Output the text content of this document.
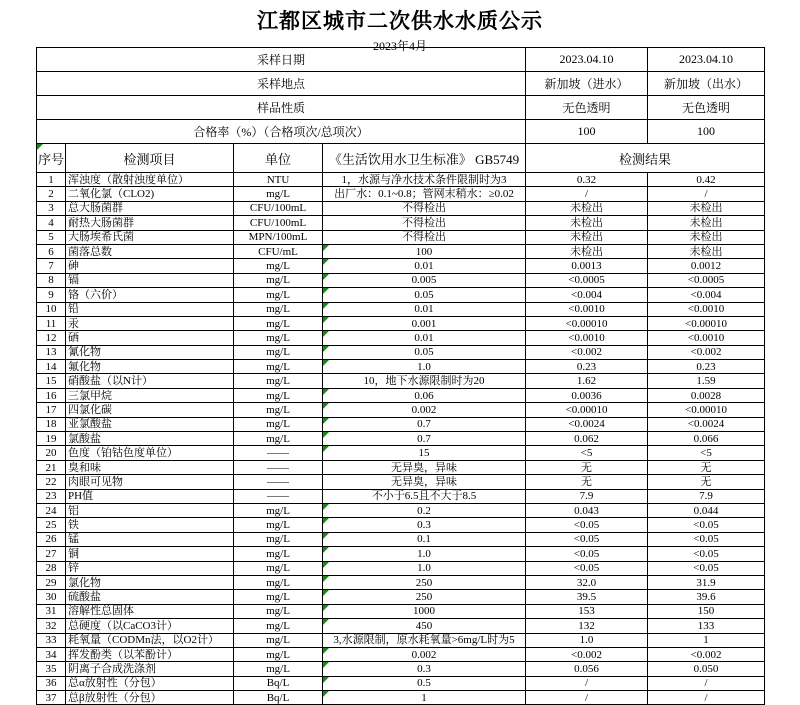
江都区城市二次供水水质公示
2023年4月
采样日期				2023.04.10	2023.04.10
采样地点				新加坡（进水）	新加坡（出水）
样品性质				无色透明	无色透明
合格率（%）（合格项次/总项次）				100	100

序号	检测项目	单位	《生活饮用水卫生标准》 GB5749	检测结果	
1	浑浊度（散射浊度单位）	NTU	1，水源与净水技术条件限制时为3	0.32	0.42
2	二氧化氯（CLO2)	mg/L	出厂水：0.1~0.8；管网末稍水：≥0.02	/	/
3	总大肠菌群	CFU/100mL	不得检出	未检出	未检出
4	耐热大肠菌群	CFU/100mL	不得检出	未检出	未检出
5	大肠埃希氏菌	MPN/100mL	不得检出	未检出	未检出
6	菌落总数	CFU/mL	100	未检出	未检出
7	砷	mg/L	0.01	0.0013	0.0012
8	镉	mg/L	0.005	<0.0005	<0.0005
9	铬（六价）	mg/L	0.05	<0.004	<0.004
10	铅	mg/L	0.01	<0.0010	<0.0010
11	汞	mg/L	0.001	<0.00010	<0.00010
12	硒	mg/L	0.01	<0.0010	<0.0010
13	氰化物	mg/L	0.05	<0.002	<0.002
14	氟化物	mg/L	1.0	0.23	0.23
15	硝酸盐（以N计）	mg/L	10，地下水源限制时为20	1.62	1.59
16	三氯甲烷	mg/L	0.06	0.0036	0.0028
17	四氯化碳	mg/L	0.002	<0.00010	<0.00010
18	亚氯酸盐	mg/L	0.7	<0.0024	<0.0024
19	氯酸盐	mg/L	0.7	0.062	0.066
20	色度（铂钴色度单位）	——	15	<5	<5
21	臭和味	——	无异臭，异味	无	无
22	肉眼可见物	——	无异臭，异味	无	无
23	PH值	——	不小于6.5且不大于8.5	7.9	7.9
24	铝	mg/L	0.2	0.043	0.044
25	铁	mg/L	0.3	<0.05	<0.05
26	锰	mg/L	0.1	<0.05	<0.05
27	铜	mg/L	1.0	<0.05	<0.05
28	锌	mg/L	1.0	<0.05	<0.05
29	氯化物	mg/L	250	32.0	31.9
30	硫酸盐	mg/L	250	39.5	39.6
31	溶解性总固体	mg/L	1000	153	150
32	总硬度（以CaCO3计）	mg/L	450	132	133
33	耗氧量（CODMn法，以O2计）	mg/L	3,水源限制，原水耗氧量>6mg/L时为5	1.0	1
34	挥发酚类（以苯酚计）	mg/L	0.002	<0.002	<0.002
35	阴离子合成洗涤剂	mg/L	0.3	0.056	0.050
36	总α放射性（分包）	Bq/L	0.5	/	/
37	总β放射性（分包）	Bq/L	1	/	/
